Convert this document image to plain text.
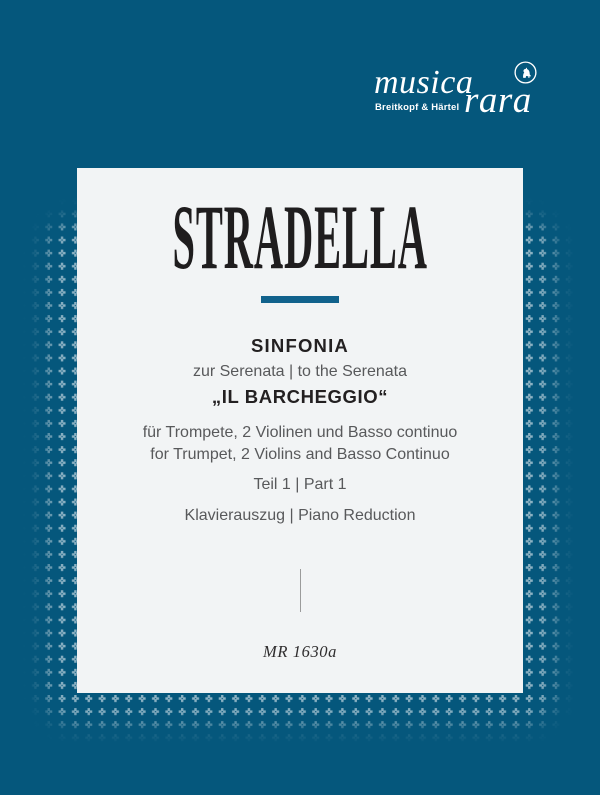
musica
rara
Breitkopf & Härtel
STRADELLA
SINFONIA
zur Serenata | to the Serenata
„IL BARCHEGGIO“
für Trompete, 2 Violinen und Basso continuo
for Trumpet, 2 Violins and Basso Continuo
Teil 1 | Part 1
Klavierauszug | Piano Reduction
MR 1630a
